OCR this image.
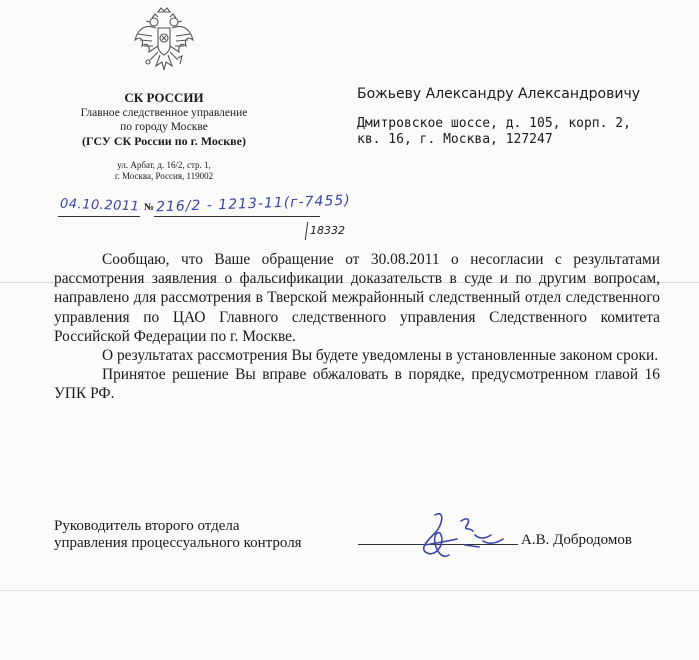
СК РОССИИ
Главное следственное управление
по городу Москве
(ГСУ СК России по г. Москве)
ул. Арбат, д. 16/2, стр. 1,
г. Москва, Россия, 119002
04.10.2011 № 216/2 - 1213-11(г-7455)
18332
Божьеву Александру Александровичу
Дмитровское шоссе, д. 105, корп. 2,
кв. 16, г. Москва, 127247

Сообщаю, что Ваше обращение от 30.08.2011 о несогласии с результатами рассмотрения заявления о фальсификации доказательств в суде и по другим вопросам, направлено для рассмотрения в Тверской межрайонный следственный отдел следственного управления по ЦАО Главного следственного управления Следственного комитета Российской Федерации по г. Москве.

О результатах рассмотрения Вы будете уведомлены в установленные законом сроки.

Принятое решение Вы вправе обжаловать в порядке, предусмотренном главой 16 УПК РФ.

Руководитель второго отдела
управления процессуального контроля	А.В. Добродомов
